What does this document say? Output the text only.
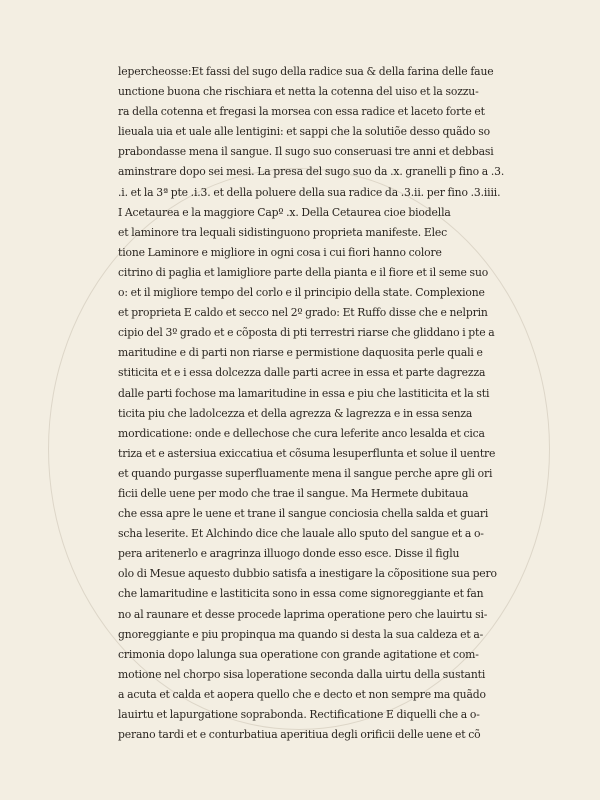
lepercheosse:Et fassi del sugo della radice sua & della farina delle faue
unctione buona che rischiara et netta la cotenna del uiso et la sozzu-
ra della cotenna et fregasi la morsea con essa radice et laceto forte et
lieuala uia et uale alle lentigini: et sappi che la solutiõe desso quãdo so
prabondasse mena il sangue. Il sugo suo conseruasi tre anni et debbasi
aminstrare dopo sei mesi. La presa del sugo suo da .x. granelli p fino a .3.
.i. et la 3ª pte .i.3. et della poluere della sua radice da .3.ii. per fino .3.iiii.
I Acetaurea e la maggiore Capº .x. Della Cetaurea cioe biodella
et laminore tra lequali sidistinguono proprieta manifeste. Elec
tione Laminore e migliore in ogni cosa i cui fiori hanno colore
citrino di paglia et lamigliore parte della pianta e il fiore et il seme suo
o: et il migliore tempo del corlo e il principio della state. Complexione
et proprieta E caldo et secco nel 2º grado: Et Ruffo disse che e nelprin
cipio del 3º grado et e cõposta di pti terrestri riarse che gliddano i pte a
maritudine e di parti non riarse e permistione daquosita perle quali e
stiticita et e i essa dolcezza dalle parti acree in essa et parte dagrezza
dalle parti fochose ma lamaritudine in essa e piu che lastiticita et la sti
ticita piu che ladolcezza et della agrezza & lagrezza e in essa senza
mordicatione: onde e dellechose che cura leferite anco lesalda et cica
triza et e astersiua exiccatiua et cõsuma lesuperflunta et solue il uentre
et quando purgasse superfluamente mena il sangue perche apre gli ori
ficii delle uene per modo che trae il sangue. Ma Hermete dubitaua
che essa apre le uene et trane il sangue conciosia chella salda et guari
scha leserite. Et Alchindo dice che lauale allo sputo del sangue et a o-
pera aritenerlo e aragrinza illuogo donde esso esce. Disse il figlu
olo di Mesue aquesto dubbio satisfa a inestigare la cõpositione sua pero
che lamaritudine e lastiticita sono in essa come signoreggiante et fan
no al raunare et desse procede laprima operatione pero che lauirtu si-
gnoreggiante e piu propinqua ma quando si desta la sua caldeza et a-
crimonia dopo lalunga sua operatione con grande agitatione et com-
motione nel chorpo sisa loperatione seconda dalla uirtu della sustanti
a acuta et calda et aopera quello che e decto et non sempre ma quãdo
lauirtu et lapurgatione soprabonda. Rectificatione E diquelli che a o-
perano tardi et e conturbatiua aperitiua degli orificii delle uene et cõ
